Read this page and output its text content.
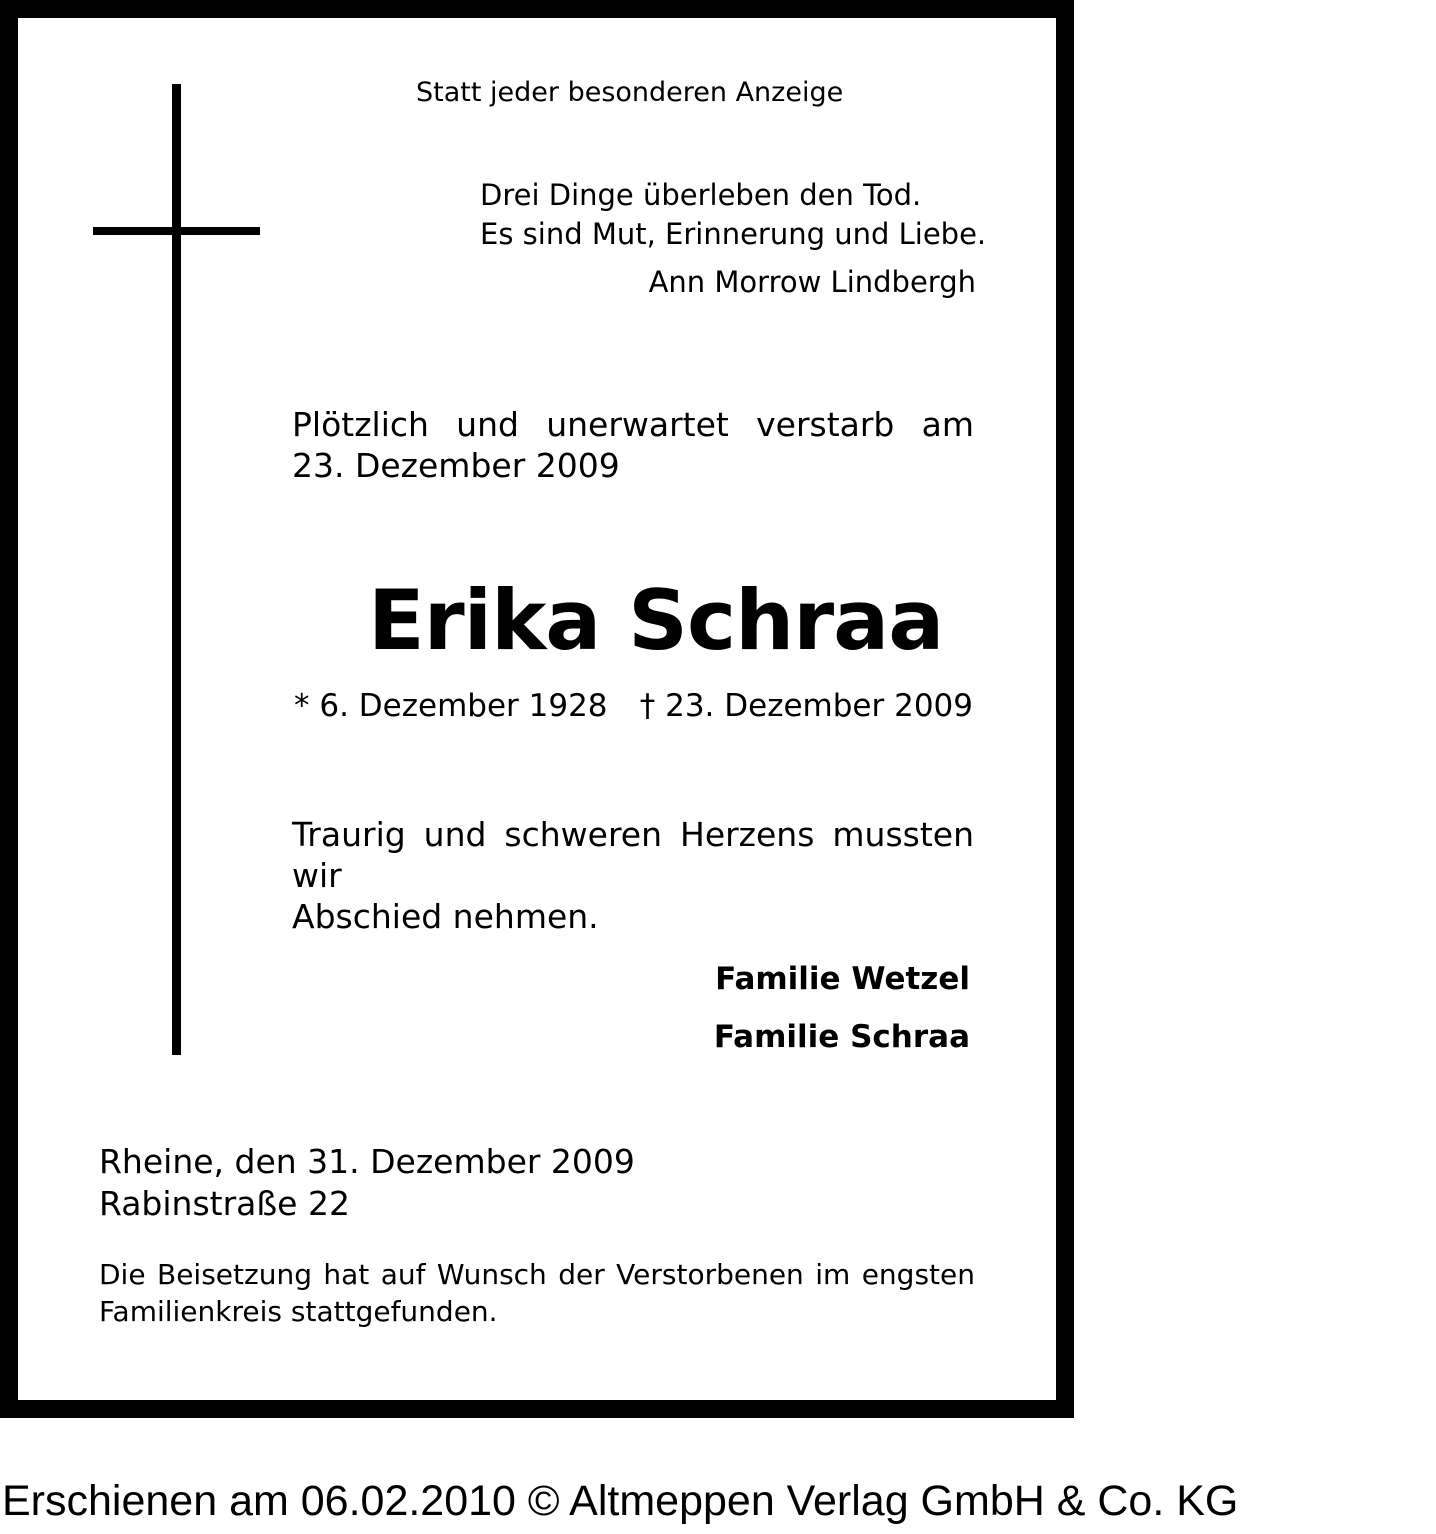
Statt jeder besonderen Anzeige
Drei Dinge überleben den Tod.
Es sind Mut, Erinnerung und Liebe.
Ann Morrow Lindbergh
Plötzlich und unerwartet verstarb am
23. Dezember 2009
Erika Schraa
* 6. Dezember 1928 † 23. Dezember 2009
Traurig und schweren Herzens mussten wir
Abschied nehmen.
Familie Wetzel
Familie Schraa
Rheine, den 31. Dezember 2009
Rabinstraße 22
Die Beisetzung hat auf Wunsch der Verstorbenen im engsten
Familienkreis stattgefunden.
Erschienen am 06.02.2010 © Altmeppen Verlag GmbH & Co. KG
